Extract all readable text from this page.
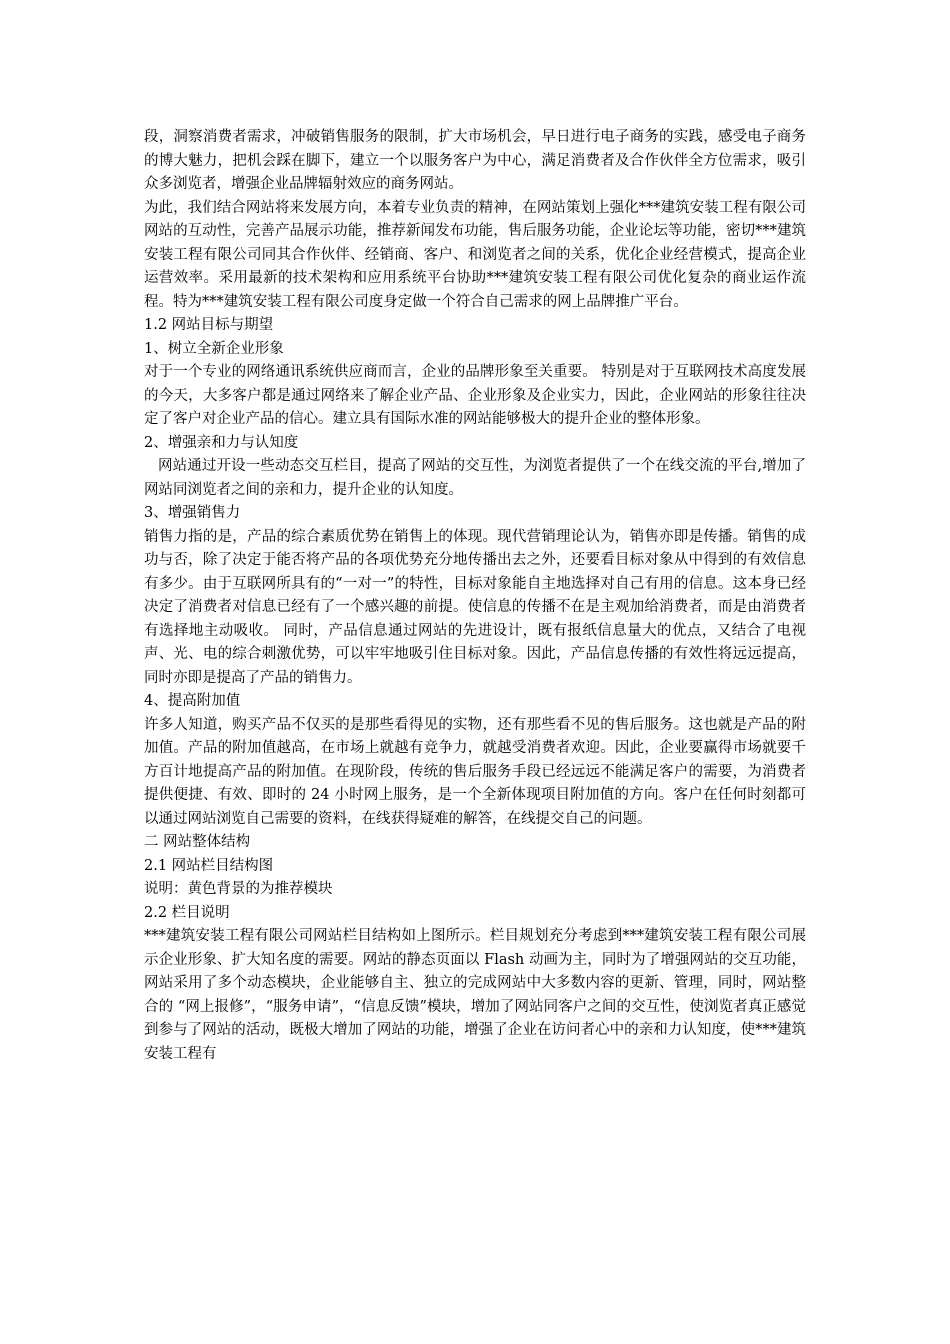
段，洞察消费者需求，冲破销售服务的限制，扩大市场机会，早日进行电子商务的实践，感受电子商务的博大魅力，把机会踩在脚下，建立一个以服务客户为中心，满足消费者及合作伙伴全方位需求，吸引众多浏览者，增强企业品牌辐射效应的商务网站。

为此，我们结合网站将来发展方向，本着专业负责的精神，在网站策划上强化***建筑安装工程有限公司网站的互动性，完善产品展示功能，推荐新闻发布功能，售后服务功能，企业论坛等功能，密切***建筑安装工程有限公司同其合作伙伴、经销商、客户、和浏览者之间的关系，优化企业经营模式，提高企业运营效率。采用最新的技术架构和应用系统平台协助***建筑安装工程有限公司优化复杂的商业运作流程。特为***建筑安装工程有限公司度身定做一个符合自己需求的网上品牌推广平台。

1.2 网站目标与期望

1、树立全新企业形象

对于一个专业的网络通讯系统供应商而言，企业的品牌形象至关重要。 特别是对于互联网技术高度发展的今天，大多客户都是通过网络来了解企业产品、企业形象及企业实力，因此，企业网站的形象往往决定了客户对企业产品的信心。建立具有国际水准的网站能够极大的提升企业的整体形象。

2、增强亲和力与认知度

网站通过开设一些动态交互栏目，提高了网站的交互性，为浏览者提供了一个在线交流的平台,增加了网站同浏览者之间的亲和力，提升企业的认知度。

3、增强销售力

销售力指的是，产品的综合素质优势在销售上的体现。现代营销理论认为，销售亦即是传播。销售的成功与否，除了决定于能否将产品的各项优势充分地传播出去之外，还要看目标对象从中得到的有效信息有多少。由于互联网所具有的“一对一”的特性，目标对象能自主地选择对自己有用的信息。这本身已经决定了消费者对信息已经有了一个感兴趣的前提。使信息的传播不在是主观加给消费者，而是由消费者有选择地主动吸收。 同时，产品信息通过网站的先进设计，既有报纸信息量大的优点，又结合了电视声、光、电的综合刺激优势，可以牢牢地吸引住目标对象。因此，产品信息传播的有效性将远远提高，同时亦即是提高了产品的销售力。

4、提高附加值

许多人知道，购买产品不仅买的是那些看得见的实物，还有那些看不见的售后服务。这也就是产品的附加值。产品的附加值越高，在市场上就越有竞争力，就越受消费者欢迎。因此，企业要赢得市场就要千方百计地提高产品的附加值。在现阶段，传统的售后服务手段已经远远不能满足客户的需要，为消费者提供便捷、有效、即时的 24 小时网上服务，是一个全新体现项目附加值的方向。客户在任何时刻都可以通过网站浏览自己需要的资料，在线获得疑难的解答，在线提交自己的问题。

二 网站整体结构

2.1 网站栏目结构图

说明：黄色背景的为推荐模块

2.2 栏目说明

***建筑安装工程有限公司网站栏目结构如上图所示。栏目规划充分考虑到***建筑安装工程有限公司展示企业形象、扩大知名度的需要。网站的静态页面以 Flash 动画为主，同时为了增强网站的交互功能，网站采用了多个动态模块，企业能够自主、独立的完成网站中大多数内容的更新、管理，同时，网站整合的 “网上报修”，“服务申请”，“信息反馈”模块，增加了网站同客户之间的交互性，使浏览者真正感觉到参与了网站的活动，既极大增加了网站的功能，增强了企业在访问者心中的亲和力认知度，使***建筑安装工程有
